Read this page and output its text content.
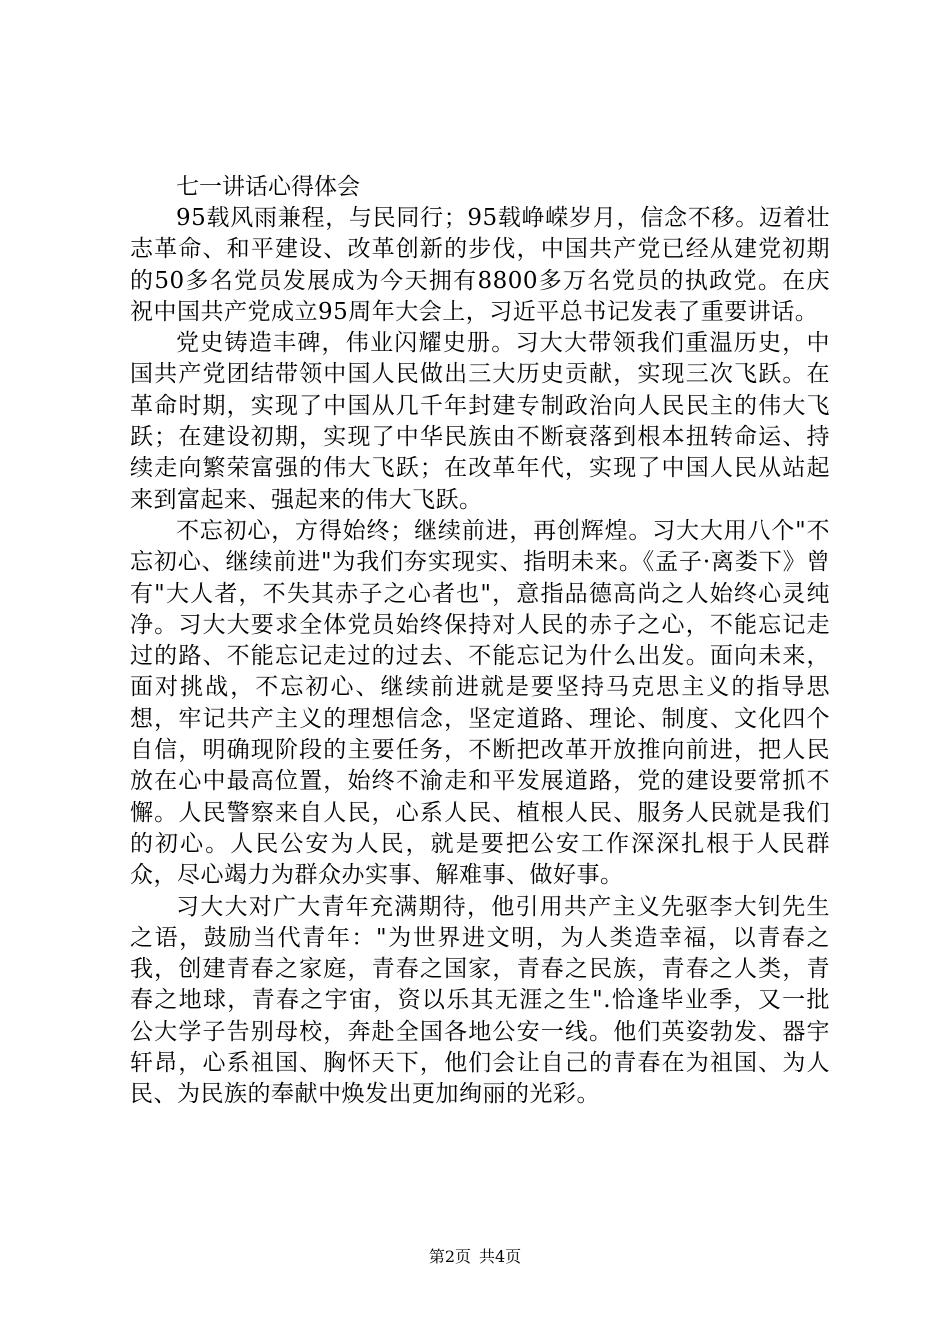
七一讲话心得体会

95载风雨兼程，与民同行；95载峥嵘岁月，信念不移。迈着壮志革命、和平建设、改革创新的步伐，中国共产党已经从建党初期的50多名党员发展成为今天拥有8800多万名党员的执政党。在庆祝中国共产党成立95周年大会上，习近平总书记发表了重要讲话。

党史铸造丰碑，伟业闪耀史册。习大大带领我们重温历史，中国共产党团结带领中国人民做出三大历史贡献，实现三次飞跃。在革命时期，实现了中国从几千年封建专制政治向人民民主的伟大飞跃；在建设初期，实现了中华民族由不断衰落到根本扭转命运、持续走向繁荣富强的伟大飞跃；在改革年代，实现了中国人民从站起来到富起来、强起来的伟大飞跃。

不忘初心，方得始终；继续前进，再创辉煌。习大大用八个"不忘初心、继续前进"为我们夯实现实、指明未来。《孟子·离娄下》曾有"大人者，不失其赤子之心者也"，意指品德高尚之人始终心灵纯净。习大大要求全体党员始终保持对人民的赤子之心，不能忘记走过的路、不能忘记走过的过去、不能忘记为什么出发。面向未来，面对挑战，不忘初心、继续前进就是要坚持马克思主义的指导思想，牢记共产主义的理想信念，坚定道路、理论、制度、文化四个自信，明确现阶段的主要任务，不断把改革开放推向前进，把人民放在心中最高位置，始终不渝走和平发展道路，党的建设要常抓不懈。人民警察来自人民，心系人民、植根人民、服务人民就是我们的初心。人民公安为人民，就是要把公安工作深深扎根于人民群众，尽心竭力为群众办实事、解难事、做好事。

习大大对广大青年充满期待，他引用共产主义先驱李大钊先生之语，鼓励当代青年："为世界进文明，为人类造幸福，以青春之我，创建青春之家庭，青春之国家，青春之民族，青春之人类，青春之地球，青春之宇宙，资以乐其无涯之生".恰逢毕业季，又一批公大学子告别母校，奔赴全国各地公安一线。他们英姿勃发、器宇轩昂，心系祖国、胸怀天下，他们会让自己的青春在为祖国、为人民、为民族的奉献中焕发出更加绚丽的光彩。

第2页 共4页
